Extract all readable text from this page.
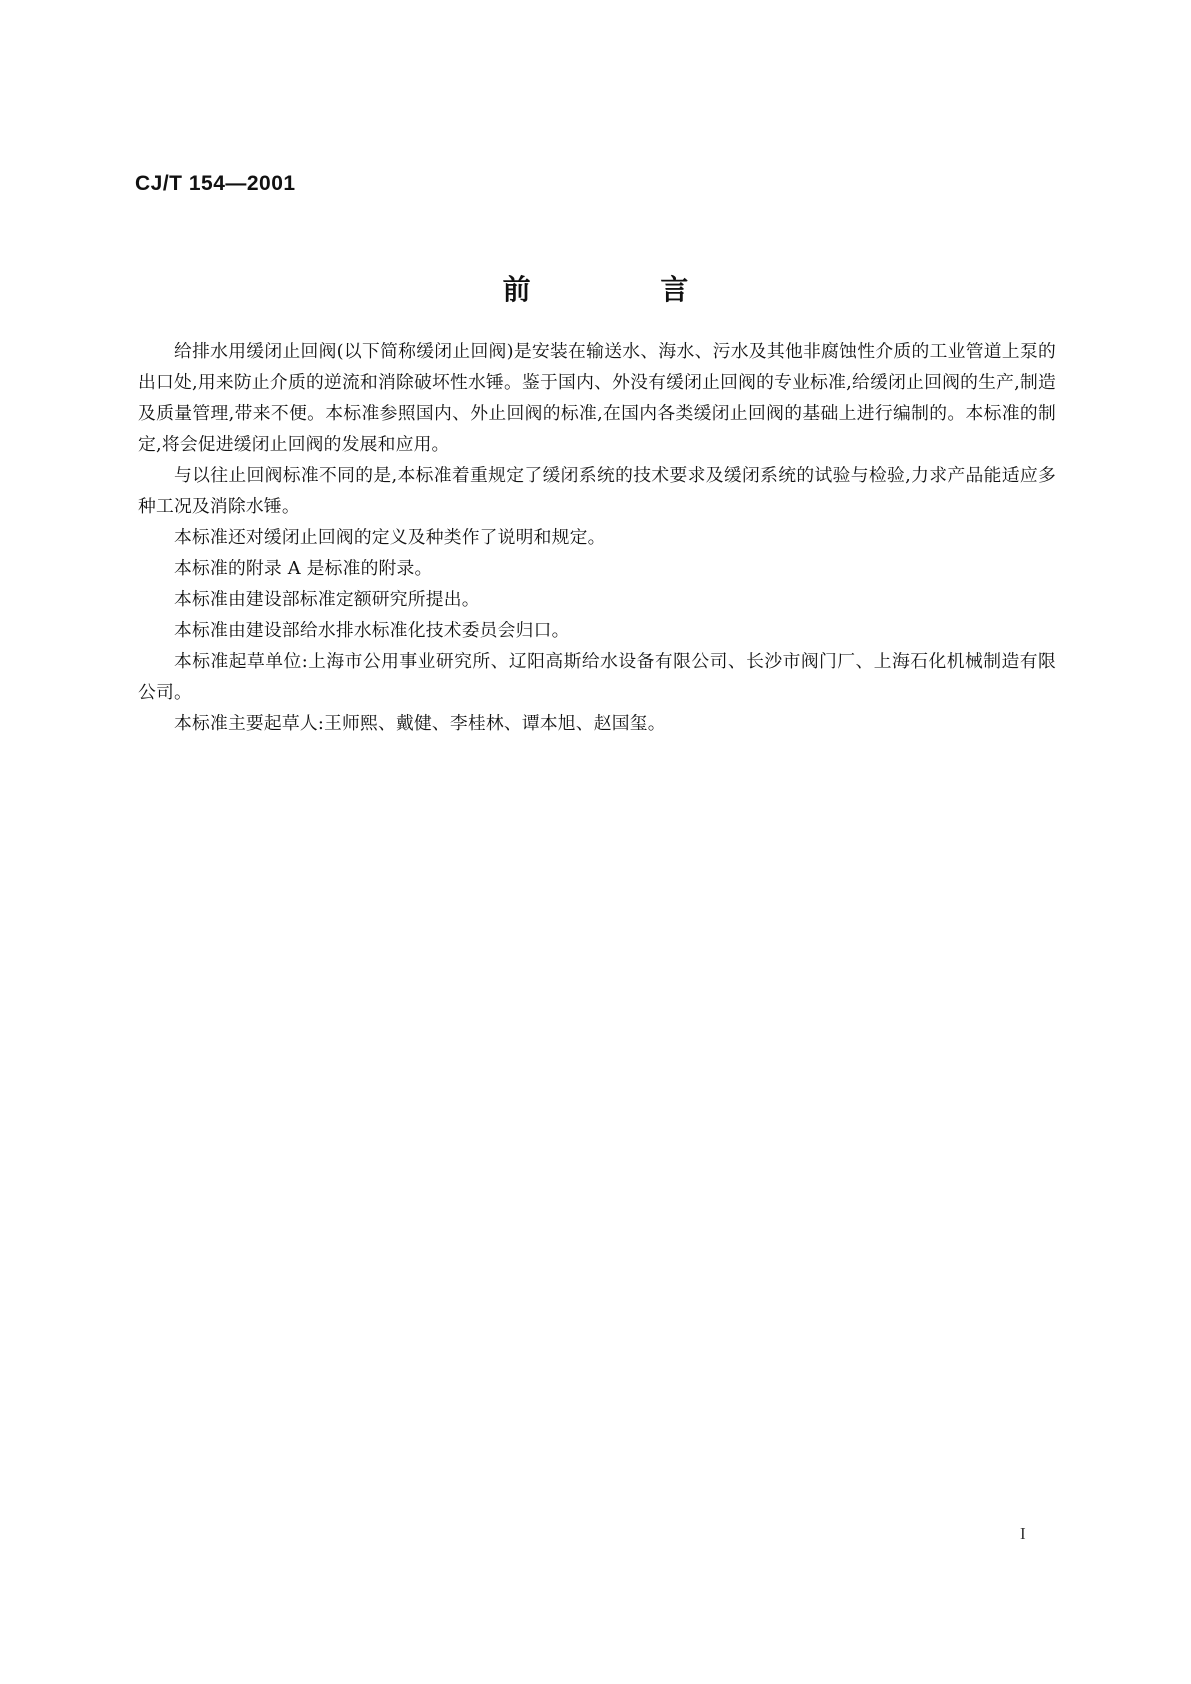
CJ/T 154—2001
前 言

给排水用缓闭止回阀(以下简称缓闭止回阀)是安装在输送水、海水、污水及其他非腐蚀性介质的工业管道上泵的出口处,用来防止介质的逆流和消除破坏性水锤。鉴于国内、外没有缓闭止回阀的专业标准,给缓闭止回阀的生产,制造及质量管理,带来不便。本标准参照国内、外止回阀的标准,在国内各类缓闭止回阀的基础上进行编制的。本标准的制定,将会促进缓闭止回阀的发展和应用。

与以往止回阀标准不同的是,本标准着重规定了缓闭系统的技术要求及缓闭系统的试验与检验,力求产品能适应多种工况及消除水锤。

本标准还对缓闭止回阀的定义及种类作了说明和规定。

本标准的附录 A 是标准的附录。

本标准由建设部标准定额研究所提出。

本标准由建设部给水排水标准化技术委员会归口。

本标准起草单位:上海市公用事业研究所、辽阳高斯给水设备有限公司、长沙市阀门厂、上海石化机械制造有限公司。

本标准主要起草人:王师熙、戴健、李桂林、谭本旭、赵国玺。

I
